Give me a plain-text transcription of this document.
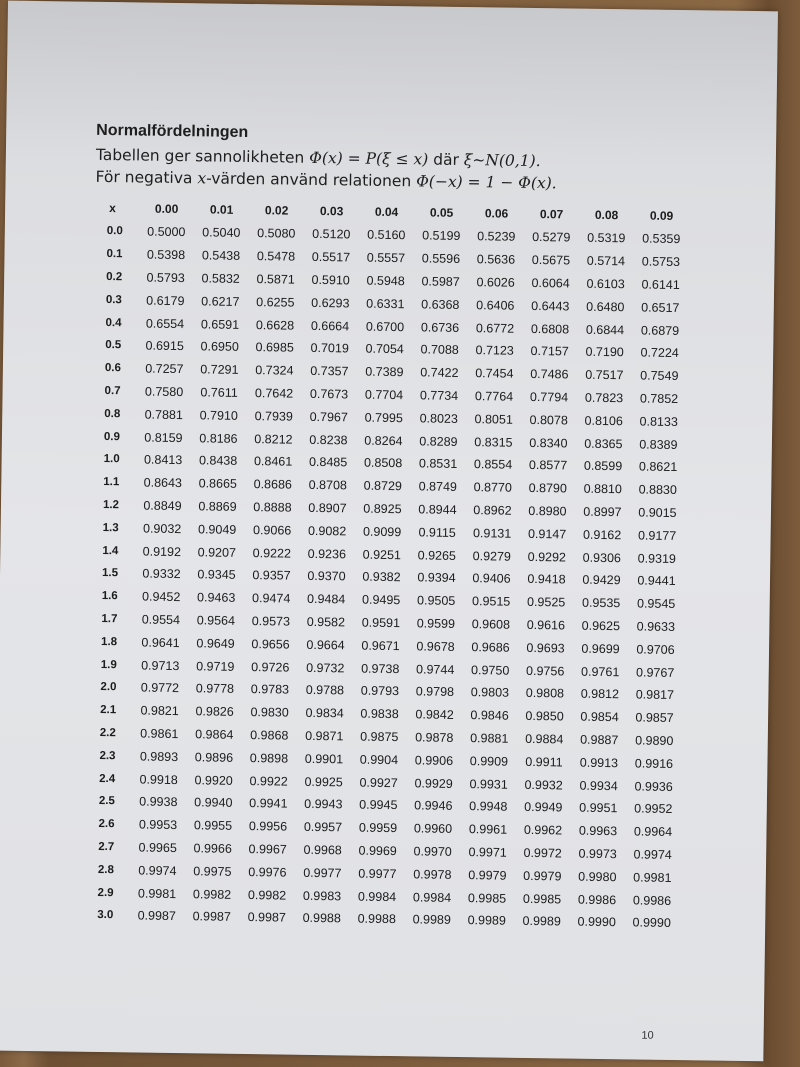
Normalfördelningen
Tabellen ger sannolikheten Φ(x) = P(ξ ≤ x) där ξ~N(0,1).
För negativa x-värden använd relationen Φ(−x) = 1 − Φ(x).
x	0.00	0.01	0.02	0.03	0.04	0.05	0.06	0.07	0.08	0.09
0.0	0.5000	0.5040	0.5080	0.5120	0.5160	0.5199	0.5239	0.5279	0.5319	0.5359
0.1	0.5398	0.5438	0.5478	0.5517	0.5557	0.5596	0.5636	0.5675	0.5714	0.5753
0.2	0.5793	0.5832	0.5871	0.5910	0.5948	0.5987	0.6026	0.6064	0.6103	0.6141
0.3	0.6179	0.6217	0.6255	0.6293	0.6331	0.6368	0.6406	0.6443	0.6480	0.6517
0.4	0.6554	0.6591	0.6628	0.6664	0.6700	0.6736	0.6772	0.6808	0.6844	0.6879
0.5	0.6915	0.6950	0.6985	0.7019	0.7054	0.7088	0.7123	0.7157	0.7190	0.7224
0.6	0.7257	0.7291	0.7324	0.7357	0.7389	0.7422	0.7454	0.7486	0.7517	0.7549
0.7	0.7580	0.7611	0.7642	0.7673	0.7704	0.7734	0.7764	0.7794	0.7823	0.7852
0.8	0.7881	0.7910	0.7939	0.7967	0.7995	0.8023	0.8051	0.8078	0.8106	0.8133
0.9	0.8159	0.8186	0.8212	0.8238	0.8264	0.8289	0.8315	0.8340	0.8365	0.8389
1.0	0.8413	0.8438	0.8461	0.8485	0.8508	0.8531	0.8554	0.8577	0.8599	0.8621
1.1	0.8643	0.8665	0.8686	0.8708	0.8729	0.8749	0.8770	0.8790	0.8810	0.8830
1.2	0.8849	0.8869	0.8888	0.8907	0.8925	0.8944	0.8962	0.8980	0.8997	0.9015
1.3	0.9032	0.9049	0.9066	0.9082	0.9099	0.9115	0.9131	0.9147	0.9162	0.9177
1.4	0.9192	0.9207	0.9222	0.9236	0.9251	0.9265	0.9279	0.9292	0.9306	0.9319
1.5	0.9332	0.9345	0.9357	0.9370	0.9382	0.9394	0.9406	0.9418	0.9429	0.9441
1.6	0.9452	0.9463	0.9474	0.9484	0.9495	0.9505	0.9515	0.9525	0.9535	0.9545
1.7	0.9554	0.9564	0.9573	0.9582	0.9591	0.9599	0.9608	0.9616	0.9625	0.9633
1.8	0.9641	0.9649	0.9656	0.9664	0.9671	0.9678	0.9686	0.9693	0.9699	0.9706
1.9	0.9713	0.9719	0.9726	0.9732	0.9738	0.9744	0.9750	0.9756	0.9761	0.9767
2.0	0.9772	0.9778	0.9783	0.9788	0.9793	0.9798	0.9803	0.9808	0.9812	0.9817
2.1	0.9821	0.9826	0.9830	0.9834	0.9838	0.9842	0.9846	0.9850	0.9854	0.9857
2.2	0.9861	0.9864	0.9868	0.9871	0.9875	0.9878	0.9881	0.9884	0.9887	0.9890
2.3	0.9893	0.9896	0.9898	0.9901	0.9904	0.9906	0.9909	0.9911	0.9913	0.9916
2.4	0.9918	0.9920	0.9922	0.9925	0.9927	0.9929	0.9931	0.9932	0.9934	0.9936
2.5	0.9938	0.9940	0.9941	0.9943	0.9945	0.9946	0.9948	0.9949	0.9951	0.9952
2.6	0.9953	0.9955	0.9956	0.9957	0.9959	0.9960	0.9961	0.9962	0.9963	0.9964
2.7	0.9965	0.9966	0.9967	0.9968	0.9969	0.9970	0.9971	0.9972	0.9973	0.9974
2.8	0.9974	0.9975	0.9976	0.9977	0.9977	0.9978	0.9979	0.9979	0.9980	0.9981
2.9	0.9981	0.9982	0.9982	0.9983	0.9984	0.9984	0.9985	0.9985	0.9986	0.9986
3.0	0.9987	0.9987	0.9987	0.9988	0.9988	0.9989	0.9989	0.9989	0.9990	0.9990
10
